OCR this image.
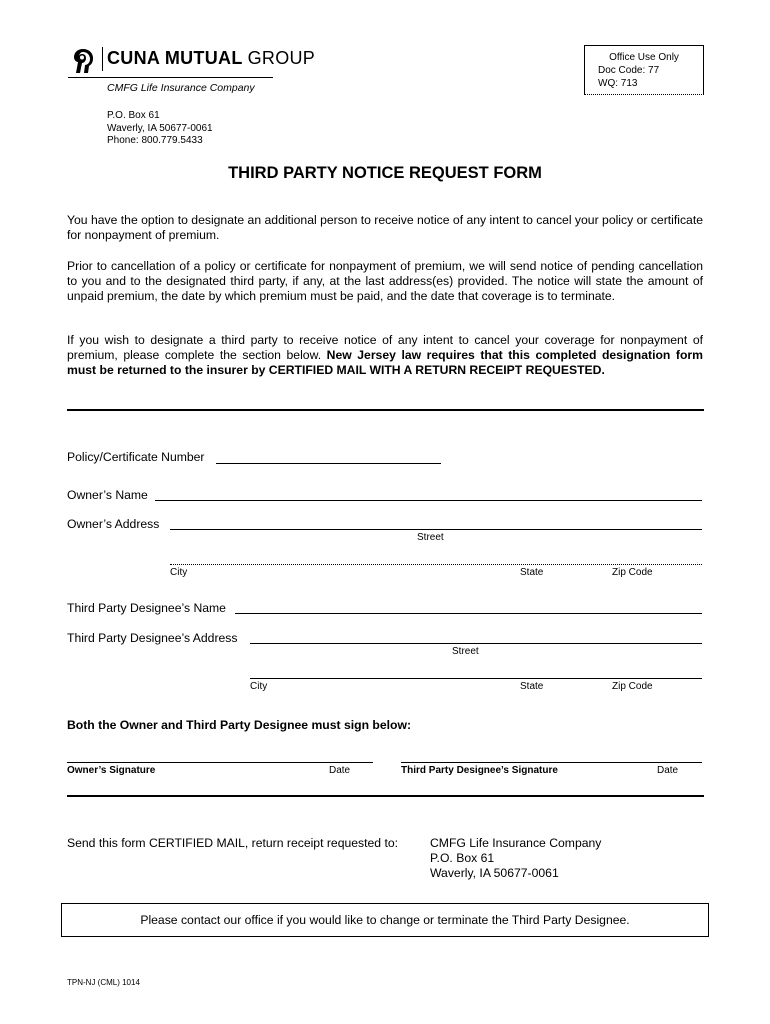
CUNA MUTUAL GROUP
CMFG Life Insurance Company
Office Use Only
Doc Code: 77
WQ: 713
P.O. Box 61
Waverly, IA 50677-0061
Phone: 800.779.5433
THIRD PARTY NOTICE REQUEST FORM
You have the option to designate an additional person to receive notice of any intent to cancel your policy or certificate for nonpayment of premium.
Prior to cancellation of a policy or certificate for nonpayment of premium, we will send notice of pending cancellation to you and to the designated third party, if any, at the last address(es) provided. The notice will state the amount of unpaid premium, the date by which premium must be paid, and the date that coverage is to terminate.
If you wish to designate a third party to receive notice of any intent to cancel your coverage for nonpayment of premium, please complete the section below. New Jersey law requires that this completed designation form must be returned to the insurer by CERTIFIED MAIL WITH A RETURN RECEIPT REQUESTED.
Policy/Certificate Number
Owner’s Name
Owner’s Address
Street
City	State	Zip Code
Third Party Designee’s Name
Third Party Designee’s Address
Street
City	State	Zip Code
Both the Owner and Third Party Designee must sign below:
Owner’s Signature	Date	Third Party Designee’s Signature	Date
Send this form CERTIFIED MAIL, return receipt requested to:	CMFG Life Insurance Company
P.O. Box 61
Waverly, IA 50677-0061
Please contact our office if you would like to change or terminate the Third Party Designee.
TPN-NJ (CML) 1014
